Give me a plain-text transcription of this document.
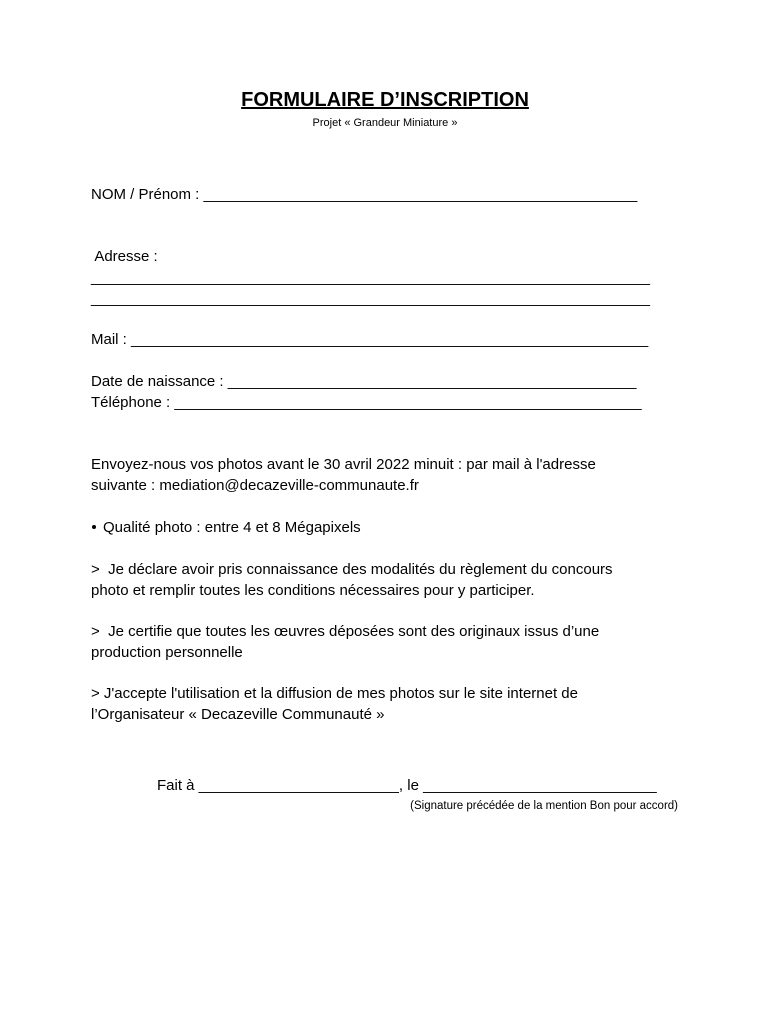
FORMULAIRE D’INSCRIPTION
Projet « Grandeur Miniature »
NOM / Prénom : ____________________________________________________
Adresse :
___________________________________________________________________
___________________________________________________________________
Mail : ______________________________________________________________
Date de naissance : _________________________________________________
Téléphone : ________________________________________________________
Envoyez-nous vos photos avant le 30 avril 2022 minuit : par mail à l'adresse
suivante : mediation@decazeville-communaute.fr
Qualité photo : entre 4 et 8 Mégapixels
>  Je déclare avoir pris connaissance des modalités du règlement du concours
photo et remplir toutes les conditions nécessaires pour y participer.
>  Je certifie que toutes les œuvres déposées sont des originaux issus d’une
production personnelle
> J'accepte l'utilisation et la diffusion de mes photos sur le site internet de
l’Organisateur « Decazeville Communauté »
Fait à ________________________, le ____________________________
(Signature précédée de la mention Bon pour accord)
